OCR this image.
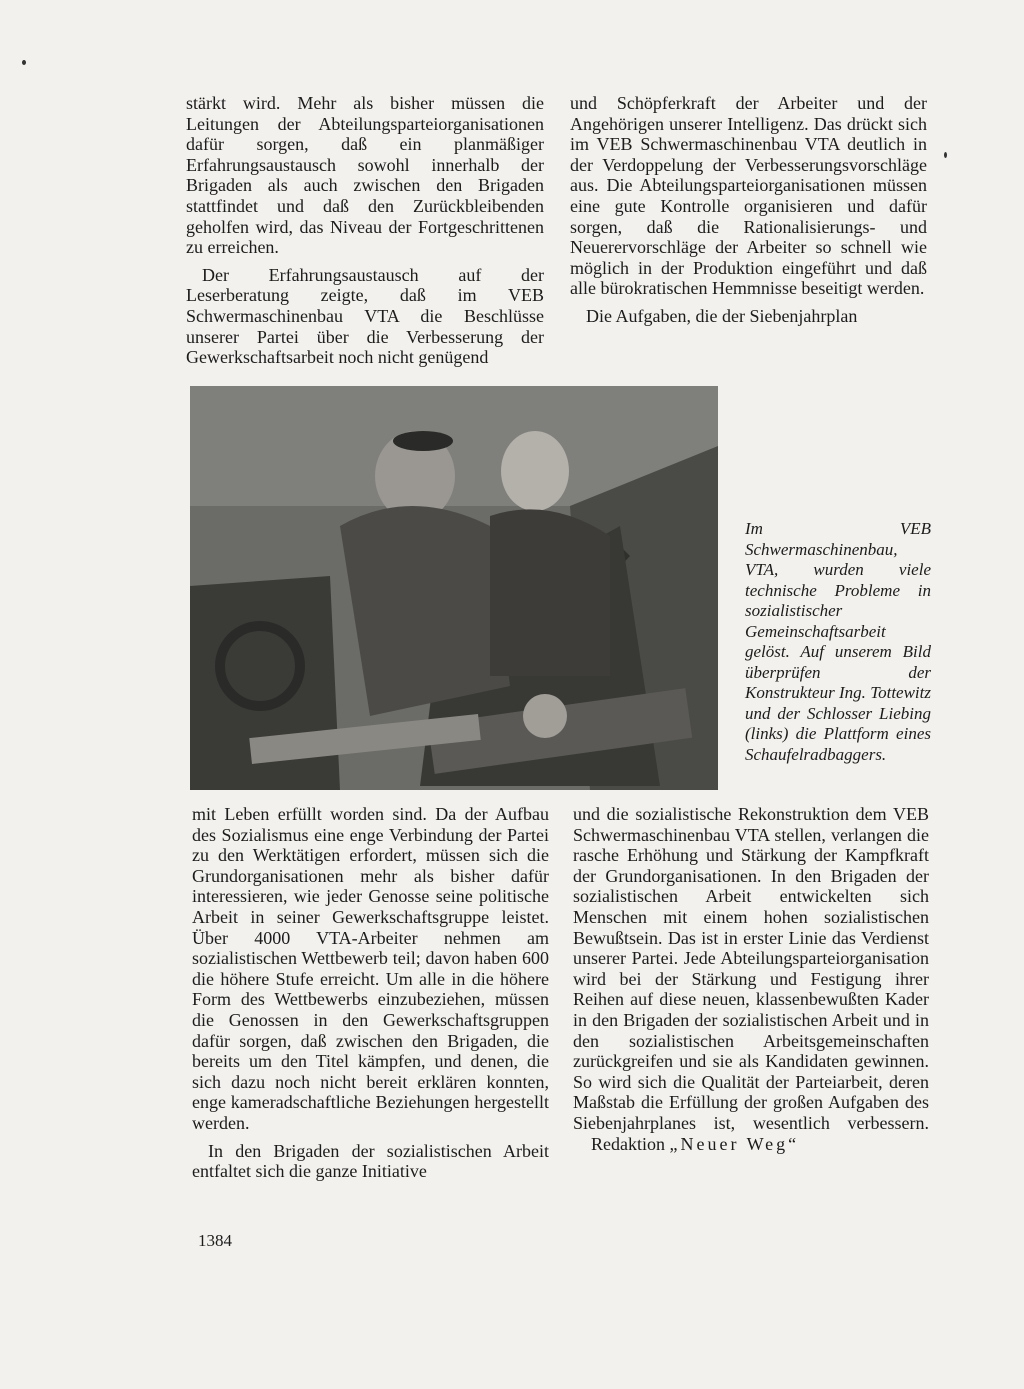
stärkt wird. Mehr als bisher müssen die Leitungen der Abteilungsparteiorganisationen dafür sorgen, daß ein planmäßiger Erfahrungsaustausch sowohl innerhalb der Brigaden als auch zwischen den Brigaden stattfindet und daß den Zurückbleibenden geholfen wird, das Niveau der Fortgeschrittenen zu erreichen.

Der Erfahrungsaustausch auf der Leserberatung zeigte, daß im VEB Schwermaschinenbau VTA die Beschlüsse unserer Partei über die Verbesserung der Gewerkschaftsarbeit noch nicht genügend

und Schöpferkraft der Arbeiter und der Angehörigen unserer Intelligenz. Das drückt sich im VEB Schwermaschinenbau VTA deutlich in der Verdoppelung der Verbesserungsvorschläge aus. Die Abteilungsparteiorganisationen müssen eine gute Kontrolle organisieren und dafür sorgen, daß die Rationalisierungs- und Neuerervorschläge der Arbeiter so schnell wie möglich in der Produktion eingeführt und daß alle bürokratischen Hemmnisse beseitigt werden.

Die Aufgaben, die der Siebenjahrplan

Im VEB Schwermaschinenbau, VTA, wurden viele technische Probleme in sozialistischer Gemeinschaftsarbeit gelöst. Auf unserem Bild überprüfen der Konstrukteur Ing. Tottewitz und der Schlosser Liebing (links) die Plattform eines Schaufelradbaggers.

mit Leben erfüllt worden sind. Da der Aufbau des Sozialismus eine enge Verbindung der Partei zu den Werktätigen erfordert, müssen sich die Grundorganisationen mehr als bisher dafür interessieren, wie jeder Genosse seine politische Arbeit in seiner Gewerkschaftsgruppe leistet. Über 4000 VTA-Arbeiter nehmen am sozialistischen Wettbewerb teil; davon haben 600 die höhere Stufe erreicht. Um alle in die höhere Form des Wettbewerbs einzubeziehen, müssen die Genossen in den Gewerkschaftsgruppen dafür sorgen, daß zwischen den Brigaden, die bereits um den Titel kämpfen, und denen, die sich dazu noch nicht bereit erklären konnten, enge kameradschaftliche Beziehungen hergestellt werden.

In den Brigaden der sozialistischen Arbeit entfaltet sich die ganze Initiative

und die sozialistische Rekonstruktion dem VEB Schwermaschinenbau VTA stellen, verlangen die rasche Erhöhung und Stärkung der Kampfkraft der Grundorganisationen. In den Brigaden der sozialistischen Arbeit entwickelten sich Menschen mit einem hohen sozialistischen Bewußtsein. Das ist in erster Linie das Verdienst unserer Partei. Jede Abteilungsparteiorganisation wird bei der Stärkung und Festigung ihrer Reihen auf diese neuen, klassenbewußten Kader in den Brigaden der sozialistischen Arbeit und in den sozialistischen Arbeitsgemeinschaften zurückgreifen und sie als Kandidaten gewinnen. So wird sich die Qualität der Parteiarbeit, deren Maßstab die Erfüllung der großen Aufgaben des Siebenjahrplanes ist, wesentlich verbessern.     Redaktion „Neuer Weg“

1384
